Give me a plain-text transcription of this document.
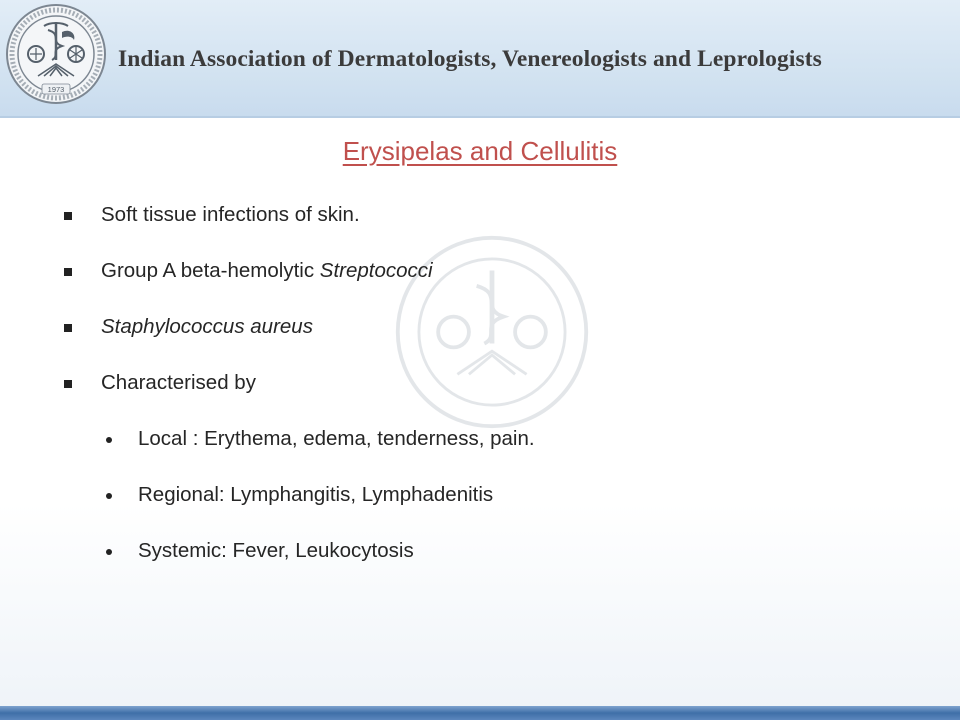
1973
Indian Association of Dermatologists, Venereologists and Leprologists
Erysipelas and Cellulitis
Soft tissue infections of skin.
Group A beta-hemolytic Streptococci
Staphylococcus aureus
Characterised by
Local : Erythema, edema, tenderness, pain.
Regional: Lymphangitis, Lymphadenitis
Systemic: Fever, Leukocytosis
